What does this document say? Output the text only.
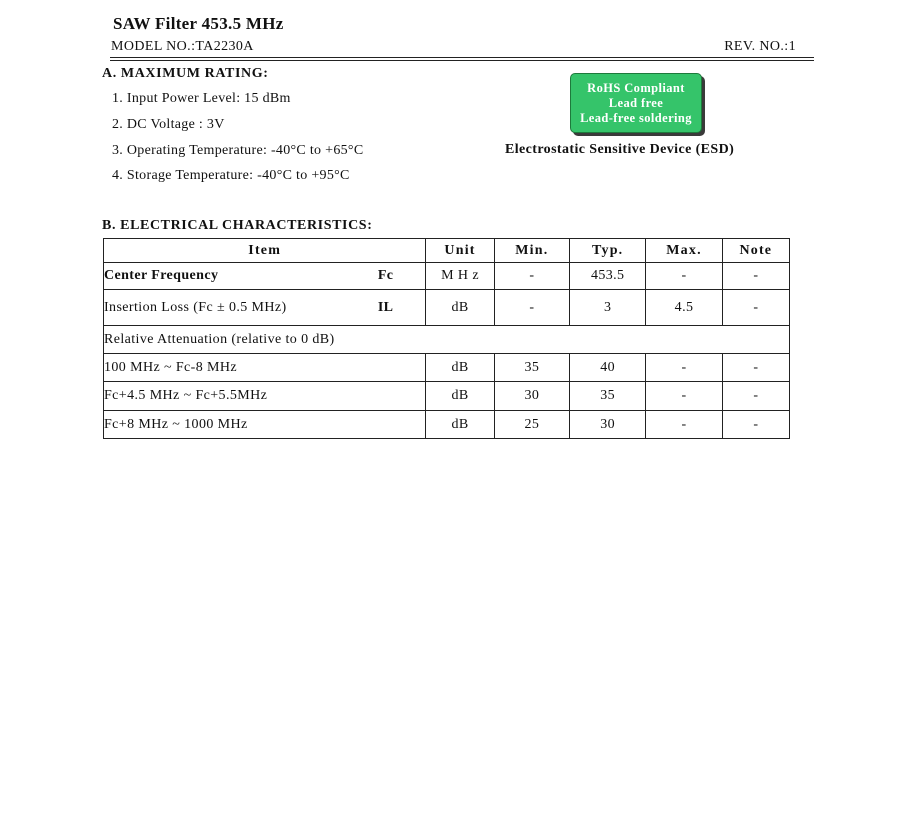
SAW Filter 453.5 MHz
MODEL NO.:TA2230A	REV. NO.:1
A. MAXIMUM RATING:
1. Input Power Level: 15 dBm
2. DC Voltage : 3V
3. Operating Temperature: -40°C to +65°C
4. Storage Temperature: -40°C to +95°C
RoHS Compliant
Lead free
Lead-free soldering
Electrostatic Sensitive Device (ESD)
B. ELECTRICAL CHARACTERISTICS:
Item	Unit	Min.	Typ.	Max.	Note
Center Frequency Fc	M H z	-	453.5	-	-
Insertion Loss (Fc ± 0.5 MHz) IL	dB	-	3	4.5	-
Relative Attenuation (relative to 0 dB)					
100 MHz ~ Fc-8 MHz	dB	35	40	-	-
Fc+4.5 MHz ~ Fc+5.5MHz	dB	30	35	-	-
Fc+8 MHz ~ 1000 MHz	dB	25	30	-	-
